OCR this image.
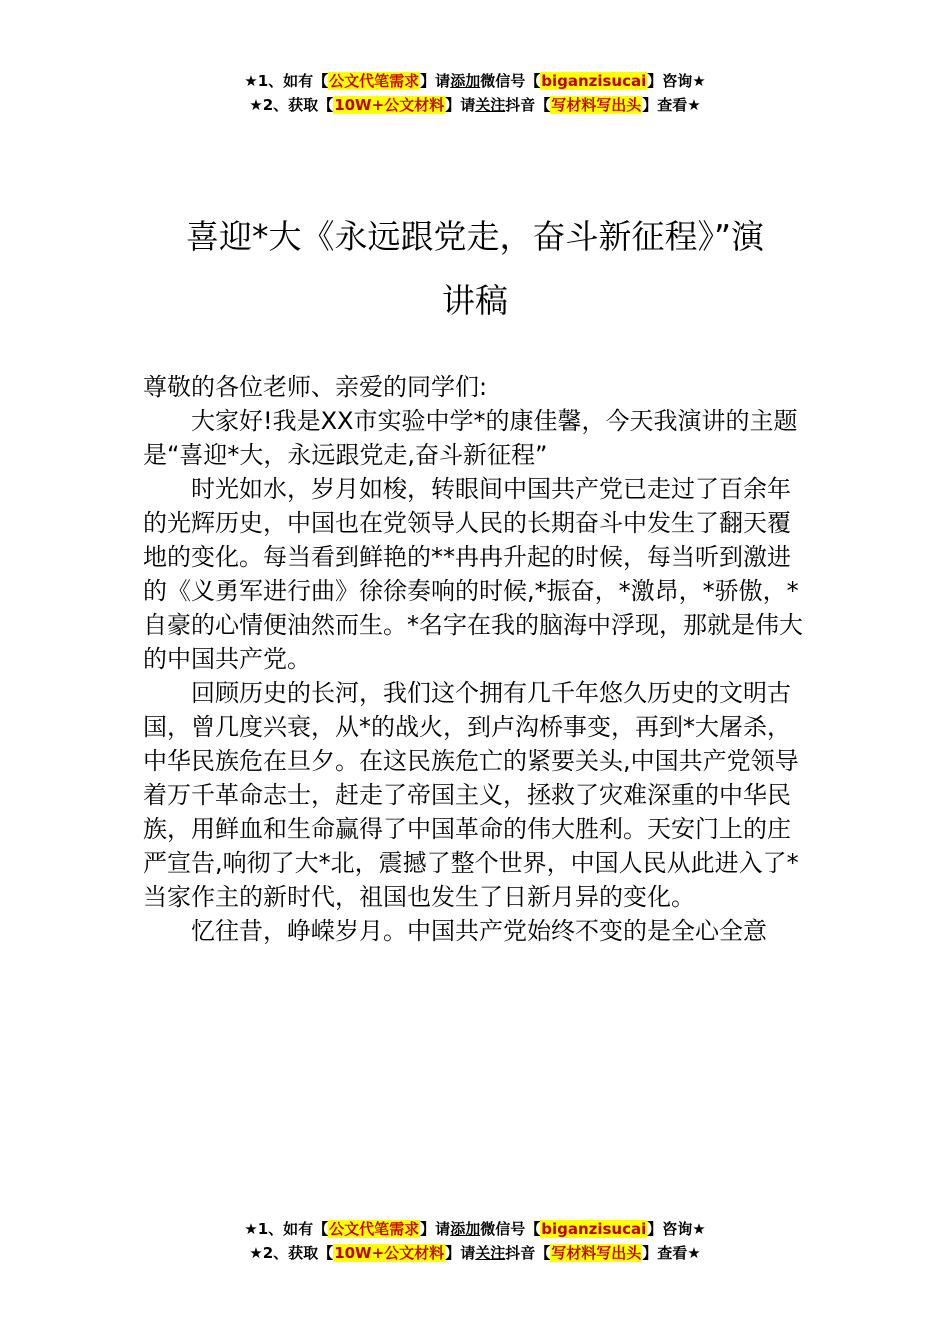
★1、如有【公文代笔需求】请添加微信号【biganzisucai】咨询★
★2、获取【10W+公文材料】请关注抖音【写材料写出头】查看★
喜迎*大《永远跟党走，奋斗新征程》”演
讲稿

尊敬的各位老师、亲爱的同学们:

大家好!我是XX市实验中学*的康佳馨，今天我演讲的主题是“喜迎*大，永远跟党走,奋斗新征程”

时光如水，岁月如梭，转眼间中国共产党已走过了百余年的光辉历史，中国也在党领导人民的长期奋斗中发生了翻天覆地的变化。每当看到鲜艳的**冉冉升起的时候，每当听到激进的《义勇军进行曲》徐徐奏响的时候,*振奋，*激昂，*骄傲，*自豪的心情便油然而生。*名字在我的脑海中浮现，那就是伟大的中国共产党。

回顾历史的长河，我们这个拥有几千年悠久历史的文明古国，曾几度兴衰，从*的战火，到卢沟桥事变，再到*大屠杀，中华民族危在旦夕。在这民族危亡的紧要关头,中国共产党领导着万千革命志士，赶走了帝国主义，拯救了灾难深重的中华民族，用鲜血和生命赢得了中国革命的伟大胜利。天安门上的庄严宣告,响彻了大*北，震撼了整个世界，中国人民从此进入了*当家作主的新时代，祖国也发生了日新月异的变化。

忆往昔，峥嵘岁月。中国共产党始终不变的是全心全意

★1、如有【公文代笔需求】请添加微信号【biganzisucai】咨询★
★2、获取【10W+公文材料】请关注抖音【写材料写出头】查看★
